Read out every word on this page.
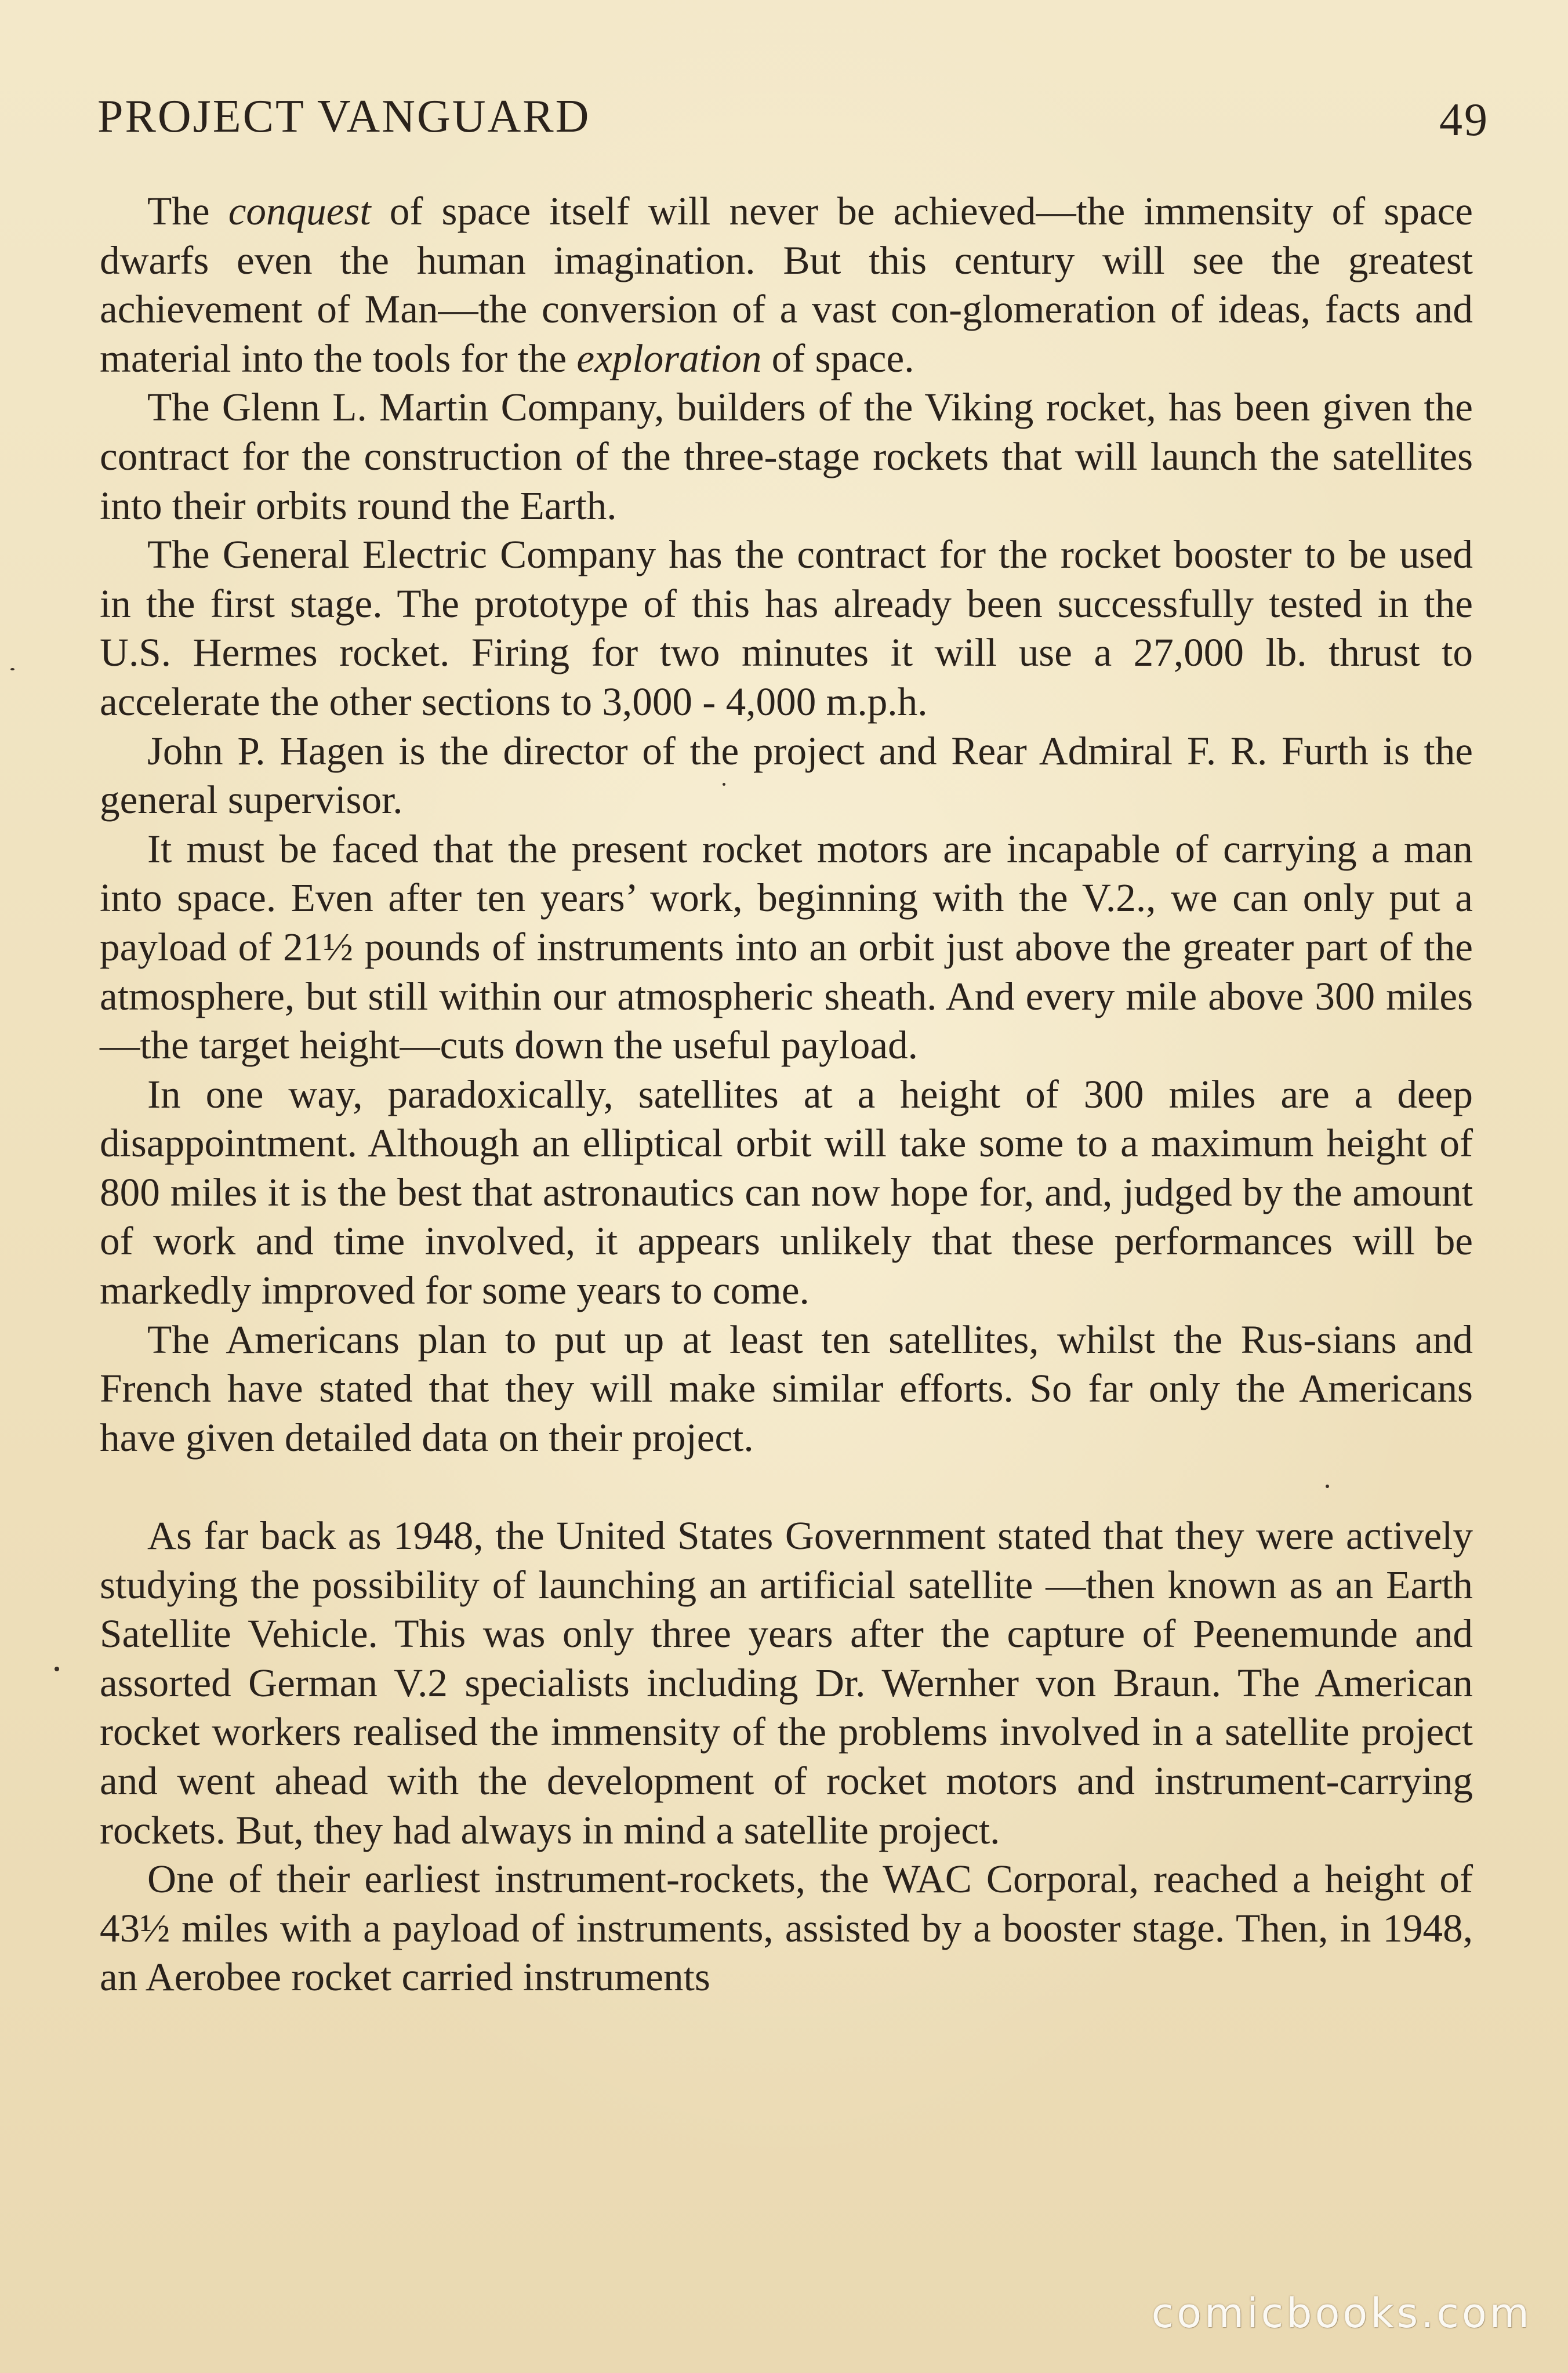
PROJECT VANGUARD	49

The conquest of space itself will never be achieved—the immensity of space dwarfs even the human imagination. But this century will see the greatest achievement of Man—the conversion of a vast con-glomeration of ideas, facts and material into the tools for the exploration of space.

The Glenn L. Martin Company, builders of the Viking rocket, has been given the contract for the construction of the three-stage rockets that will launch the satellites into their orbits round the Earth.

The General Electric Company has the contract for the rocket booster to be used in the first stage. The prototype of this has already been successfully tested in the U.S. Hermes rocket. Firing for two minutes it will use a 27,000 lb. thrust to accelerate the other sections to 3,000 - 4,000 m.p.h.

John P. Hagen is the director of the project and Rear Admiral F. R. Furth is the general supervisor.

It must be faced that the present rocket motors are incapable of carrying a man into space. Even after ten years’ work, beginning with the V.2., we can only put a payload of 21½ pounds of instruments into an orbit just above the greater part of the atmosphere, but still within our atmospheric sheath. And every mile above 300 miles—the target height—cuts down the useful payload.

In one way, paradoxically, satellites at a height of 300 miles are a deep disappointment. Although an elliptical orbit will take some to a maximum height of 800 miles it is the best that astronautics can now hope for, and, judged by the amount of work and time involved, it appears unlikely that these performances will be markedly improved for some years to come.

The Americans plan to put up at least ten satellites, whilst the Rus-sians and French have stated that they will make similar efforts. So far only the Americans have given detailed data on their project.

As far back as 1948, the United States Government stated that they were actively studying the possibility of launching an artificial satellite —then known as an Earth Satellite Vehicle. This was only three years after the capture of Peenemunde and assorted German V.2 specialists including Dr. Wernher von Braun. The American rocket workers realised the immensity of the problems involved in a satellite project and went ahead with the development of rocket motors and instrument-carrying rockets. But, they had always in mind a satellite project.

One of their earliest instrument-rockets, the WAC Corporal, reached a height of 43½ miles with a payload of instruments, assisted by a booster stage. Then, in 1948, an Aerobee rocket carried instruments

comicbooks.com
